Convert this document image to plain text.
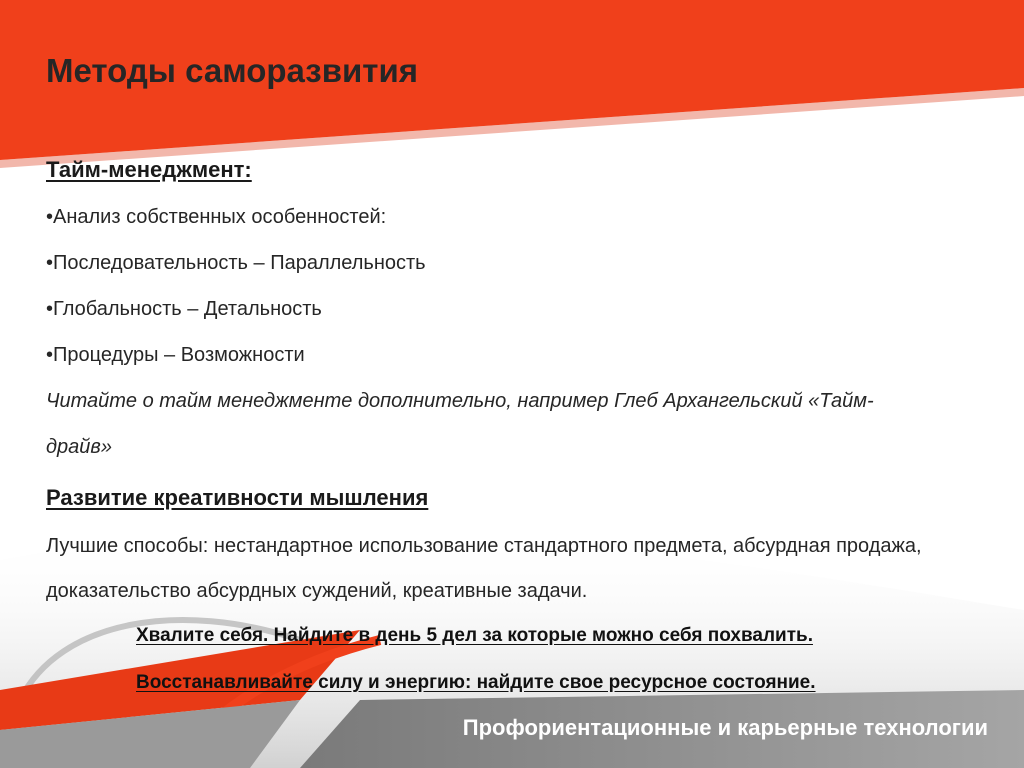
Методы саморазвития
Тайм-менеджмент:
•Анализ собственных особенностей:
•Последовательность – Параллельность
•Глобальность – Детальность
•Процедуры – Возможности
Читайте о тайм менеджменте дополнительно, например Глеб Архангельский «Тайм-
драйв»
Развитие креативности мышления
Лучшие способы: нестандартное использование стандартного предмета, абсурдная продажа,
доказательство абсурдных суждений, креативные задачи.
Хвалите себя. Найдите в день 5 дел за которые можно себя похвалить.
Восстанавливайте силу и энергию: найдите свое ресурсное состояние.
Профориентационные и карьерные технологии
